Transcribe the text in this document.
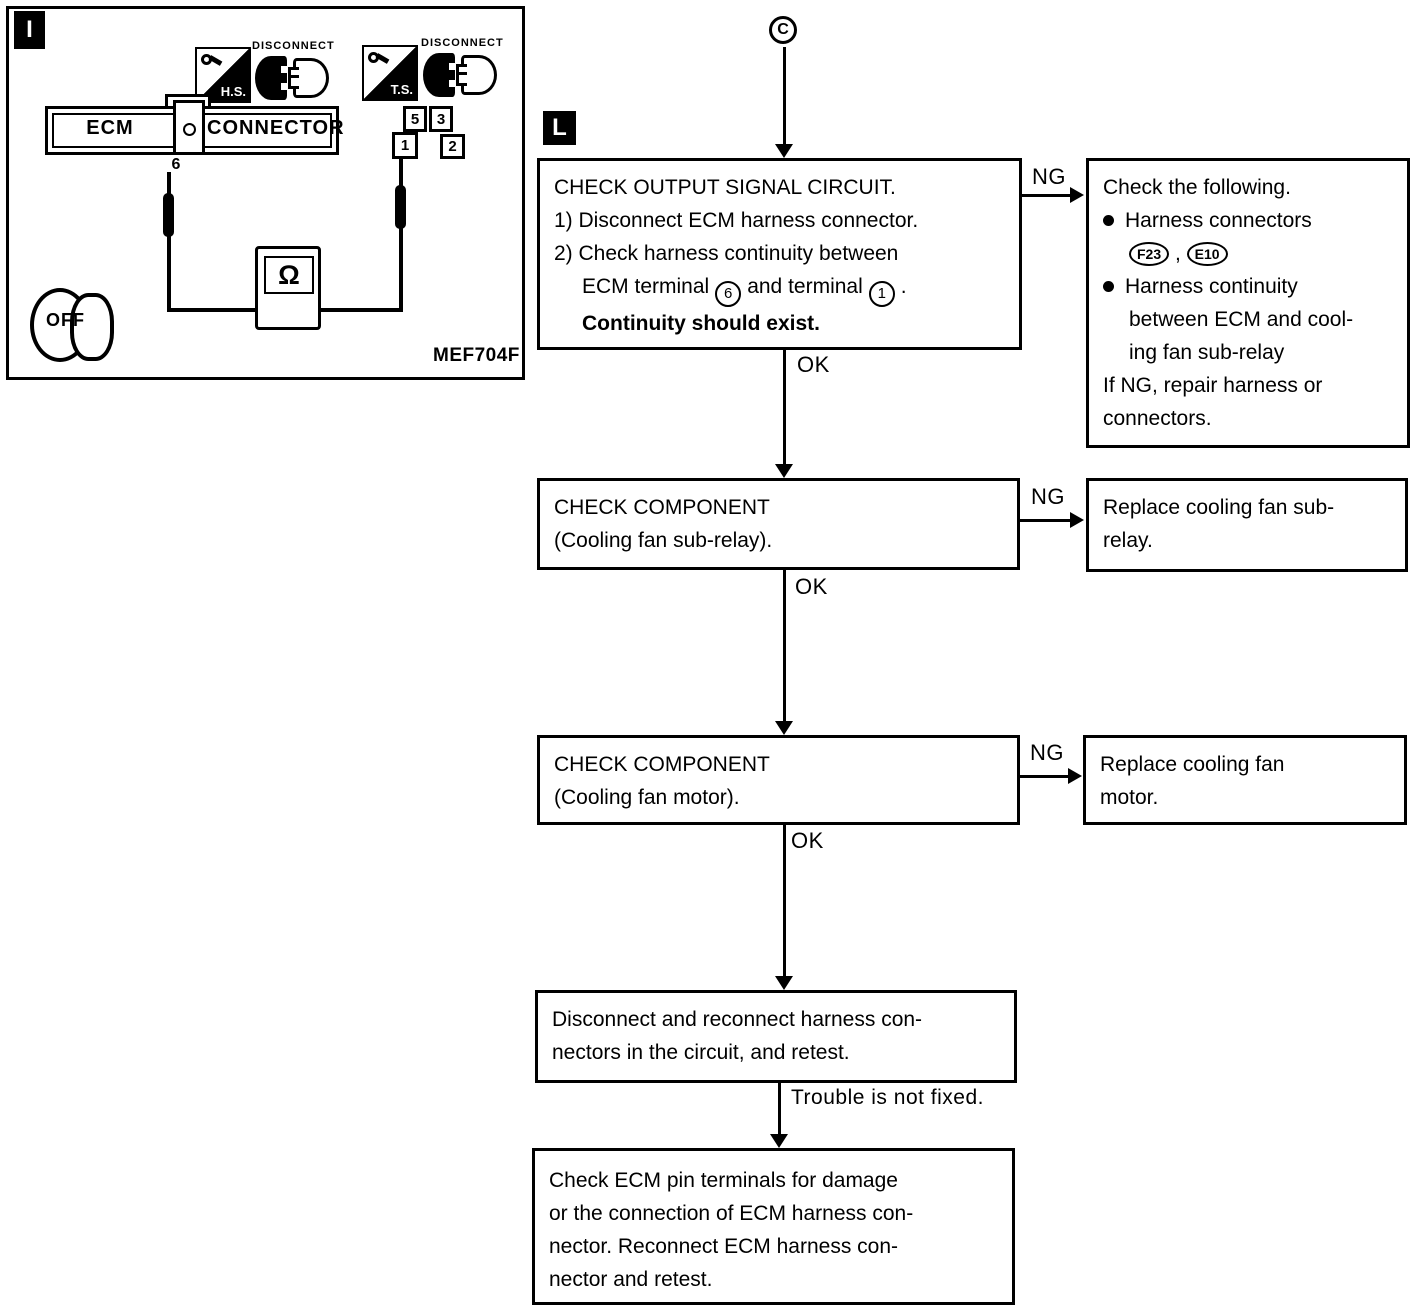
I
H.S.
DISCONNECT
T.S.
DISCONNECT
ECM	CONNECTOR
6
5	3
1	2
Ω
OFF
MEF704F
C
L
CHECK OUTPUT SIGNAL CIRCUIT.
1) Disconnect ECM harness connector.
2) Check harness continuity between
ECM terminal 6 and terminal 1 .
Continuity should exist.
NG Check the following.
Harness connectors
F23 , E10
Harness continuity
between ECM and cool-
ing fan sub-relay
If NG, repair harness or
connectors.
OK
CHECK COMPONENT
(Cooling fan sub-relay).
NG Replace cooling fan sub-
relay.
OK
CHECK COMPONENT
(Cooling fan motor).
NG Replace cooling fan
motor.
OK
Disconnect and reconnect harness con-
nectors in the circuit, and retest.
Trouble is not fixed.
Check ECM pin terminals for damage
or the connection of ECM harness con-
nector. Reconnect ECM harness con-
nector and retest.
